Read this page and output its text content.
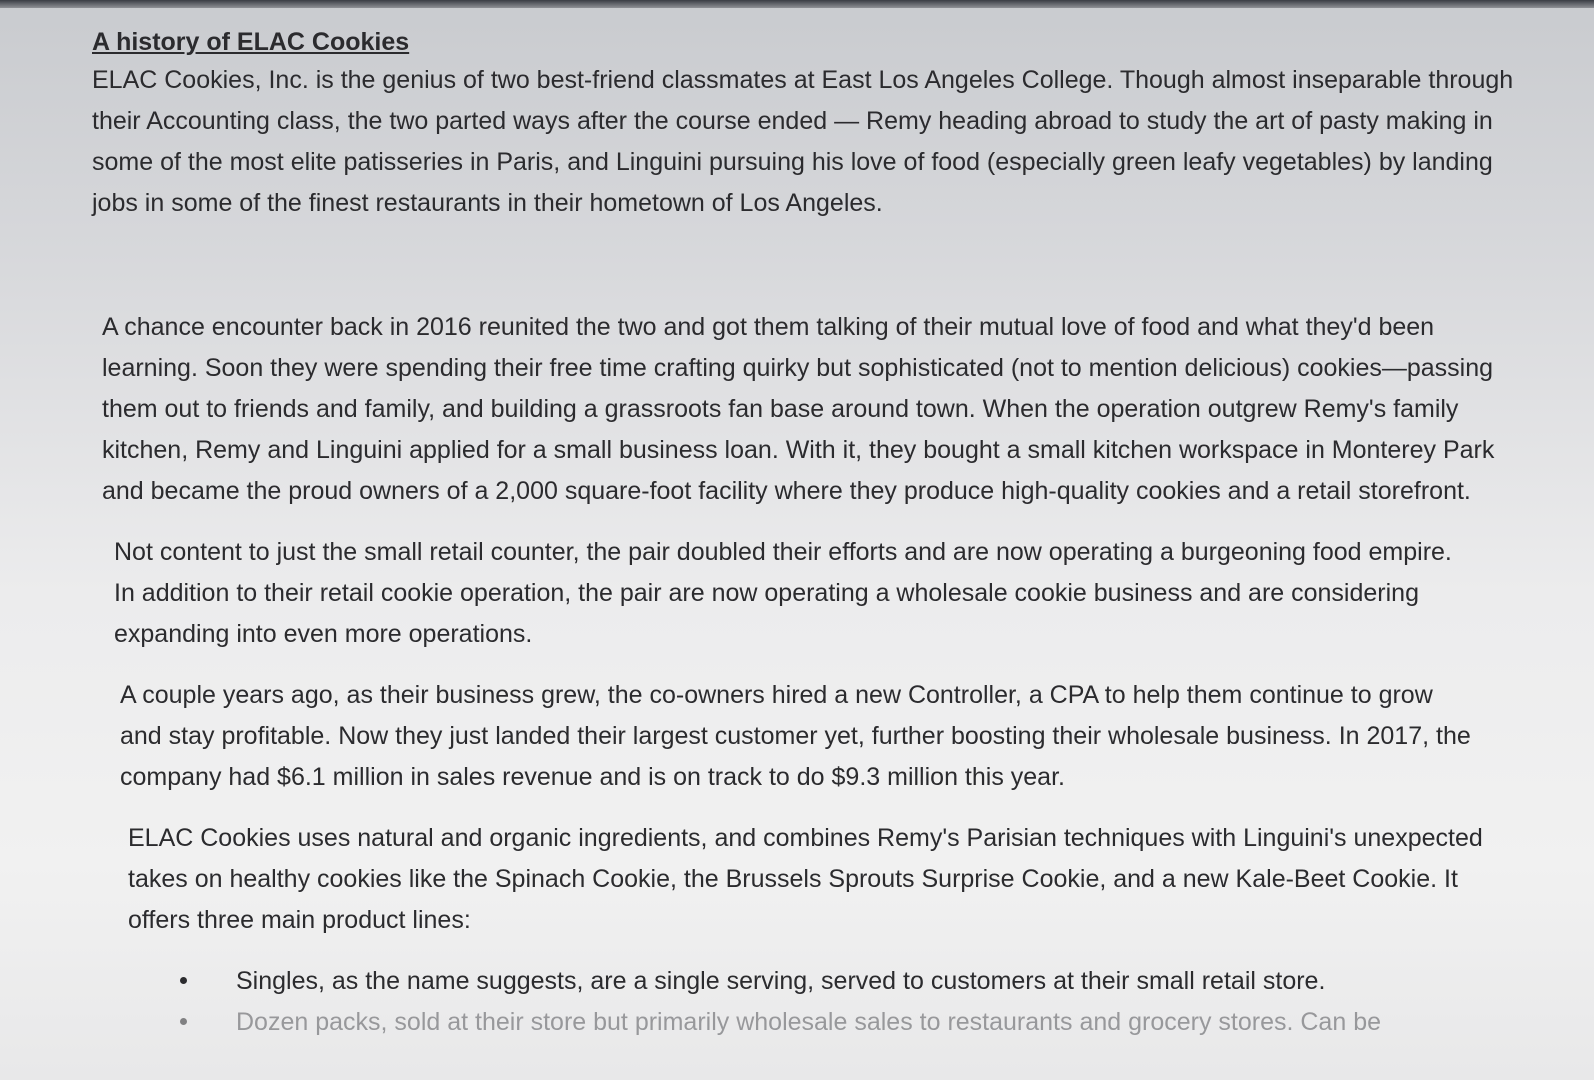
A history of ELAC Cookies

ELAC Cookies, Inc. is the genius of two best-friend classmates at East Los Angeles College. Though almost inseparable through their Accounting class, the two parted ways after the course ended — Remy heading abroad to study the art of pasty making in some of the most elite patisseries in Paris, and Linguini pursuing his love of food (especially green leafy vegetables) by landing jobs in some of the finest restaurants in their hometown of Los Angeles.

A chance encounter back in 2016 reunited the two and got them talking of their mutual love of food and what they'd been learning. Soon they were spending their free time crafting quirky but sophisticated (not to mention delicious) cookies—passing them out to friends and family, and building a grassroots fan base around town. When the operation outgrew Remy's family kitchen, Remy and Linguini applied for a small business loan. With it, they bought a small kitchen workspace in Monterey Park and became the proud owners of a 2,000 square-foot facility where they produce high-quality cookies and a retail storefront.

Not content to just the small retail counter, the pair doubled their efforts and are now operating a burgeoning food empire. In addition to their retail cookie operation, the pair are now operating a wholesale cookie business and are considering expanding into even more operations.

A couple years ago, as their business grew, the co-owners hired a new Controller, a CPA to help them continue to grow and stay profitable. Now they just landed their largest customer yet, further boosting their wholesale business. In 2017, the company had $6.1 million in sales revenue and is on track to do $9.3 million this year.

ELAC Cookies uses natural and organic ingredients, and combines Remy's Parisian techniques with Linguini's unexpected takes on healthy cookies like the Spinach Cookie, the Brussels Sprouts Surprise Cookie, and a new Kale-Beet Cookie. It offers three main product lines:

Singles, as the name suggests, are a single serving, served to customers at their small retail store.
Dozen packs, sold at their store but primarily wholesale sales to restaurants and grocery stores. Can be
